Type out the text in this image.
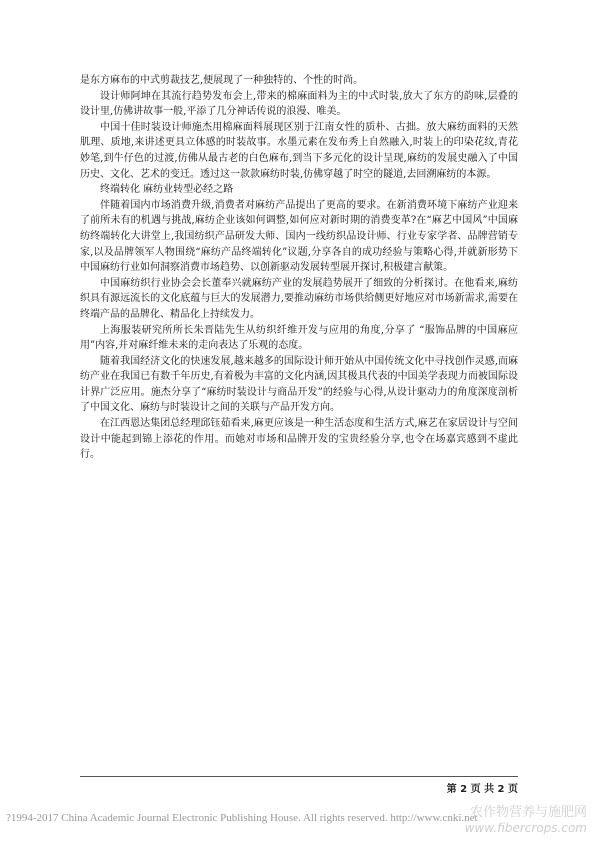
是东方麻布的中式剪裁技艺,便展现了一种独特的、个性的时尚。

设计师阿坤在其流行趋势发布会上,带来的棉麻面料为主的中式时装,放大了东方的韵味,层叠的设计里,仿佛讲故事一般,平添了几分神话传说的浪漫、唯美。

中国十佳时装设计师施杰用棉麻面料展现区别于江南女性的质朴、古拙。放大麻纺面料的天然肌理、质地,来讲述更具立体感的时装故事。水墨元素在发布秀上自然融入,时装上的印染花纹,青花妙笔,到牛仔色的过渡,仿佛从最古老的白色麻布,到当下多元化的设计呈现,麻纺的发展史融入了中国历史、文化、艺术的变迁。透过这一款款麻纺时装,仿佛穿越了时空的隧道,去回溯麻纺的本源。

终端转化 麻纺业转型必经之路

伴随着国内市场消费升级,消费者对麻纺产品提出了更高的要求。在新消费环境下麻纺产业迎来了前所未有的机遇与挑战,麻纺企业该如何调整,如何应对新时期的消费变革?在“麻艺中国风”中国麻纺终端转化大讲堂上,我国纺织产品研发大师、国内一线纺织品设计师、行业专家学者、品牌营销专家,以及品牌领军人物围绕“麻纺产品终端转化”议题,分享各自的成功经验与策略心得,并就新形势下中国麻纺行业如何洞察消费市场趋势、以创新驱动发展转型展开探讨,积极建言献策。

中国麻纺织行业协会会长董奉兴就麻纺产业的发展趋势展开了细致的分析探讨。在他看来,麻纺织具有源远流长的文化底蕴与巨大的发展潜力,要推动麻纺市场供给侧更好地应对市场新需求,需要在终端产品的品牌化、精品化上持续发力。

上海服装研究所所长朱晋陆先生从纺织纤维开发与应用的角度,分享了 “服饰品牌的中国麻应用”内容,并对麻纤维未来的走向表达了乐观的态度。

随着我国经济文化的快速发展,越来越多的国际设计师开始从中国传统文化中寻找创作灵感,而麻纺产业在我国已有数千年历史,有着极为丰富的文化内涵,因其极具代表的中国美学表现力而被国际设计界广泛应用。施杰分享了“麻纺时装设计与商品开发”的经验与心得,从设计驱动力的角度深度剖析了中国文化、麻纺与时装设计之间的关联与产品开发方向。

在江西恩达集团总经理邱钰茹看来,麻更应该是一种生活态度和生活方式,麻艺在家居设计与空间设计中能起到锦上添花的作用。而她对市场和品牌开发的宝贵经验分享,也令在场嘉宾感到不虚此行。

第 2 页 共 2 页
?1994-2017 China Academic Journal Electronic Publishing House. All rights reserved. http://www.cnki.net
农作物营养与施肥网
www.fibercrops.com
